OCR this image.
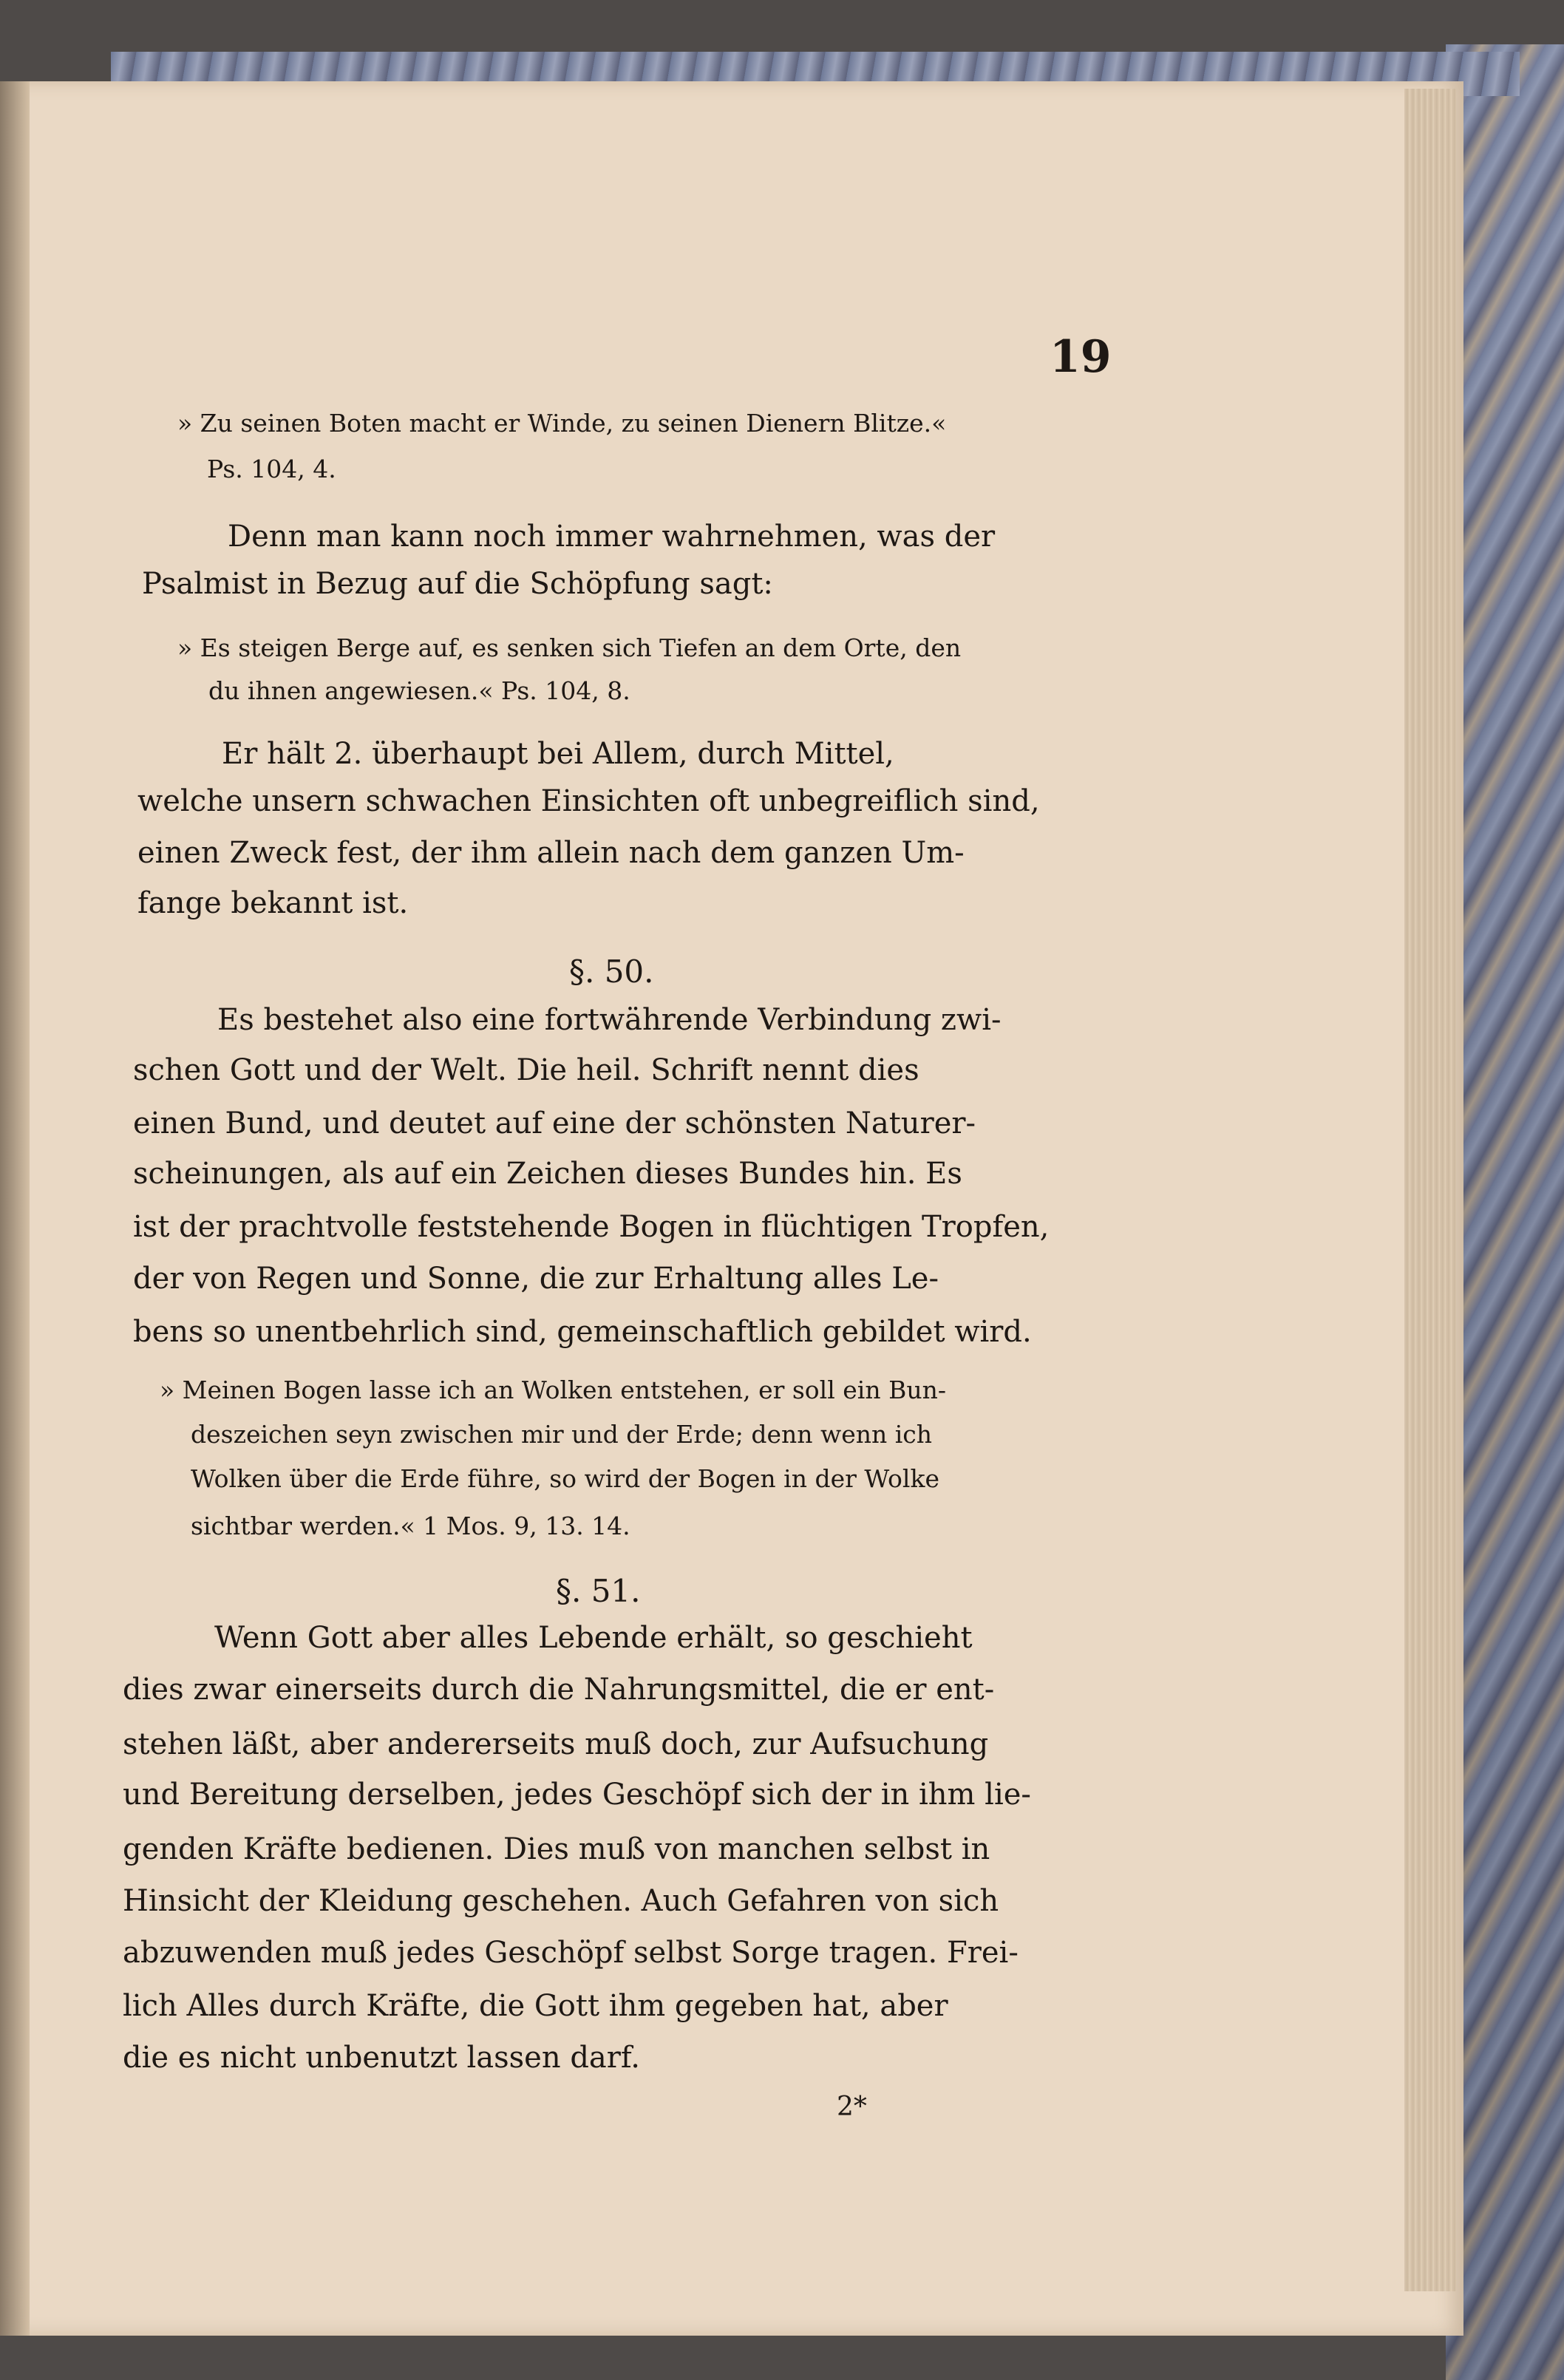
19
» Zu seinen Boten macht er Winde, zu seinen Dienern Blitze.«
Ps. 104, 4.
Denn man kann noch immer wahrnehmen, was der
Psalmist in Bezug auf die Schöpfung sagt:
» Es steigen Berge auf, es senken sich Tiefen an dem Orte, den
du ihnen angewiesen.« Ps. 104, 8.
Er hält 2. überhaupt bei Allem, durch Mittel,
welche unsern schwachen Einsichten oft unbegreiflich sind,
einen Zweck fest, der ihm allein nach dem ganzen Um-
fange bekannt ist.
§. 50.
Es bestehet also eine fortwährende Verbindung zwi-
schen Gott und der Welt. Die heil. Schrift nennt dies
einen Bund, und deutet auf eine der schönsten Naturer-
scheinungen, als auf ein Zeichen dieses Bundes hin. Es
ist der prachtvolle feststehende Bogen in flüchtigen Tropfen,
der von Regen und Sonne, die zur Erhaltung alles Le-
bens so unentbehrlich sind, gemeinschaftlich gebildet wird.
» Meinen Bogen lasse ich an Wolken entstehen, er soll ein Bun-
deszeichen seyn zwischen mir und der Erde; denn wenn ich
Wolken über die Erde führe, so wird der Bogen in der Wolke
sichtbar werden.« 1 Mos. 9, 13. 14.
§. 51.
Wenn Gott aber alles Lebende erhält, so geschieht
dies zwar einerseits durch die Nahrungsmittel, die er ent-
stehen läßt, aber andererseits muß doch, zur Aufsuchung
und Bereitung derselben, jedes Geschöpf sich der in ihm lie-
genden Kräfte bedienen. Dies muß von manchen selbst in
Hinsicht der Kleidung geschehen. Auch Gefahren von sich
abzuwenden muß jedes Geschöpf selbst Sorge tragen. Frei-
lich Alles durch Kräfte, die Gott ihm gegeben hat, aber
die es nicht unbenutzt lassen darf.
2*
